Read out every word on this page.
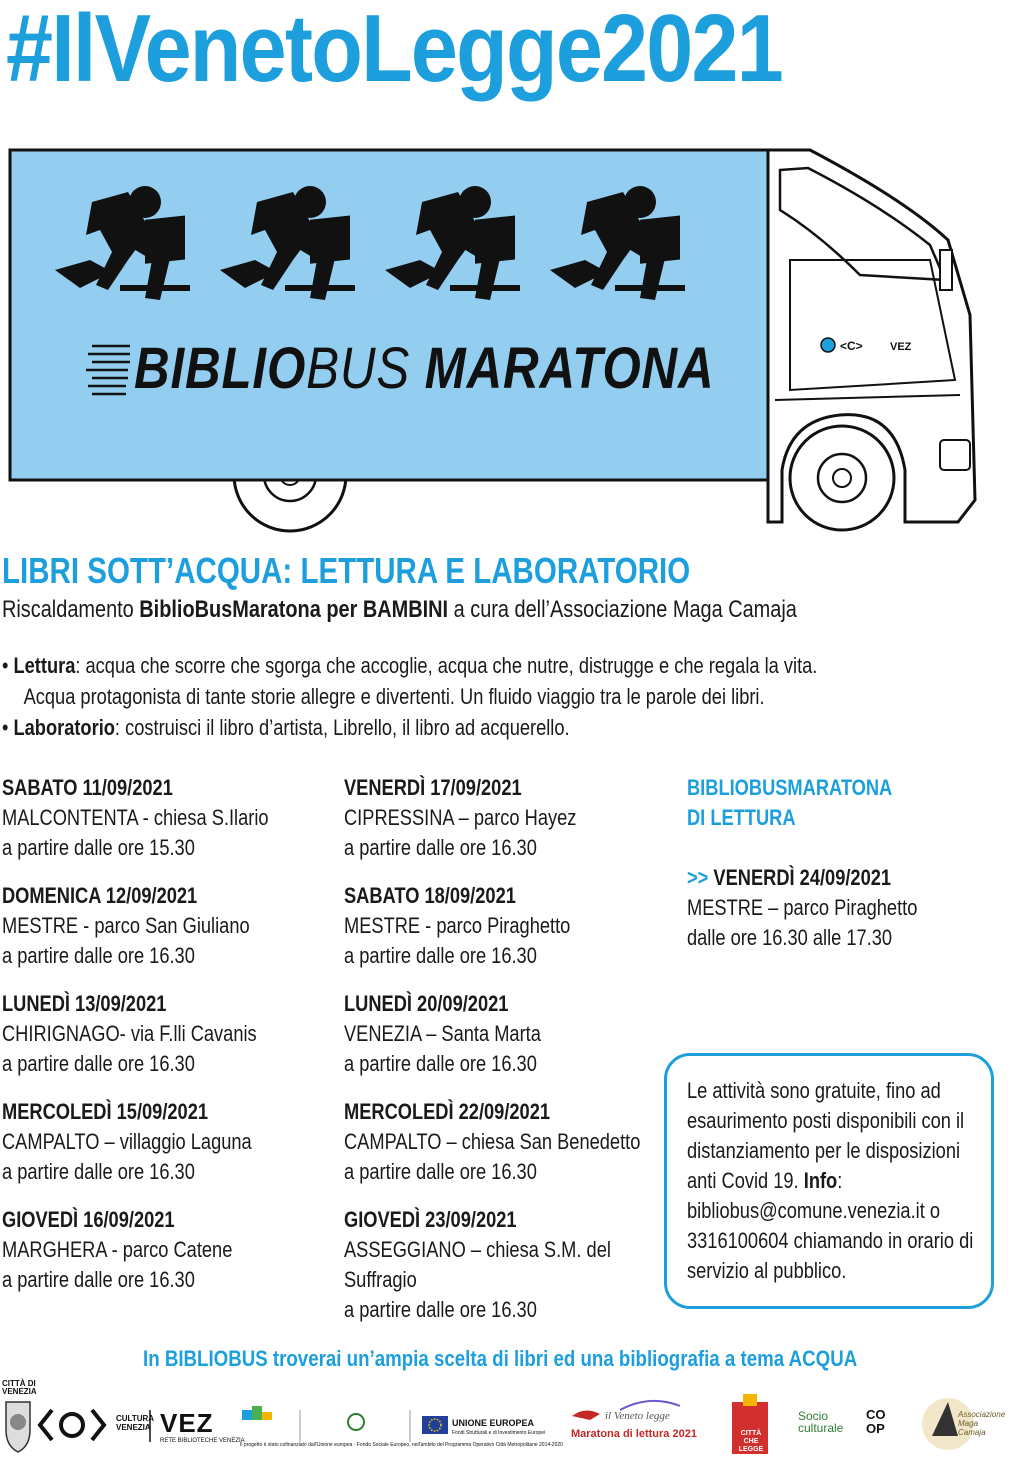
#IlVenetoLegge2021
<C> VEZ
BIBLIOBUS MARATONA
LIBRI SOTT’ACQUA: LETTURA E LABORATORIO
Riscaldamento BiblioBusMaratona per BAMBINI a cura dell’Associazione Maga Camaja
• Lettura: acqua che scorre che sgorga che accoglie, acqua che nutre, distrugge e che regala la vita.
Acqua protagonista di tante storie allegre e divertenti. Un fluido viaggio tra le parole dei libri.
• Laboratorio: costruisci il libro d’artista, Librello, il libro ad acquerello.
SABATO 11/09/2021
MALCONTENTA - chiesa S.Ilario
a partire dalle ore 15.30
DOMENICA 12/09/2021
MESTRE - parco San Giuliano
a partire dalle ore 16.30
LUNEDÌ 13/09/2021
CHIRIGNAGO- via F.lli Cavanis
a partire dalle ore 16.30
MERCOLEDÌ 15/09/2021
CAMPALTO – villaggio Laguna
a partire dalle ore 16.30
GIOVEDÌ 16/09/2021
MARGHERA - parco Catene
a partire dalle ore 16.30
VENERDÌ 17/09/2021
CIPRESSINA – parco Hayez
a partire dalle ore 16.30
SABATO 18/09/2021
MESTRE - parco Piraghetto
a partire dalle ore 16.30
LUNEDÌ 20/09/2021
VENEZIA – Santa Marta
a partire dalle ore 16.30
MERCOLEDÌ 22/09/2021
CAMPALTO – chiesa San Benedetto
a partire dalle ore 16.30
GIOVEDÌ 23/09/2021
ASSEGGIANO – chiesa S.M. del Suffragio
a partire dalle ore 16.30
BIBLIOBUSMARATONA
DI LETTURA
>> VENERDÌ 24/09/2021
MESTRE – parco Piraghetto
dalle ore 16.30 alle 17.30
Le attività sono gratuite, fino ad esaurimento posti disponibili con il distanziamento per le disposizioni anti Covid 19. Info: bibliobus@comune.venezia.it o 3316100604 chiamando in orario di servizio al pubblico.
In BIBLIOBUS troverai un’ampia scelta di libri ed una bibliografia a tema ACQUA
CITTÀ DI VENEZIA
CULTURA VENEZIA VEZ
RETE BIBLIOTECHE VENEZIA
UNIONE EUROPEA
Fondi Strutturali e di Investimento Europei
Il progetto è stato cofinanziato dall'Unione europea - Fondo Sociale Europeo, nell'ambito del Programma Operativo Città Metropolitane 2014-2020
il Veneto legge
Maratona di lettura 2021	CITTÀ CHE LEGGE
Socio culturale
CO OP
Associazione Maga Camaja
